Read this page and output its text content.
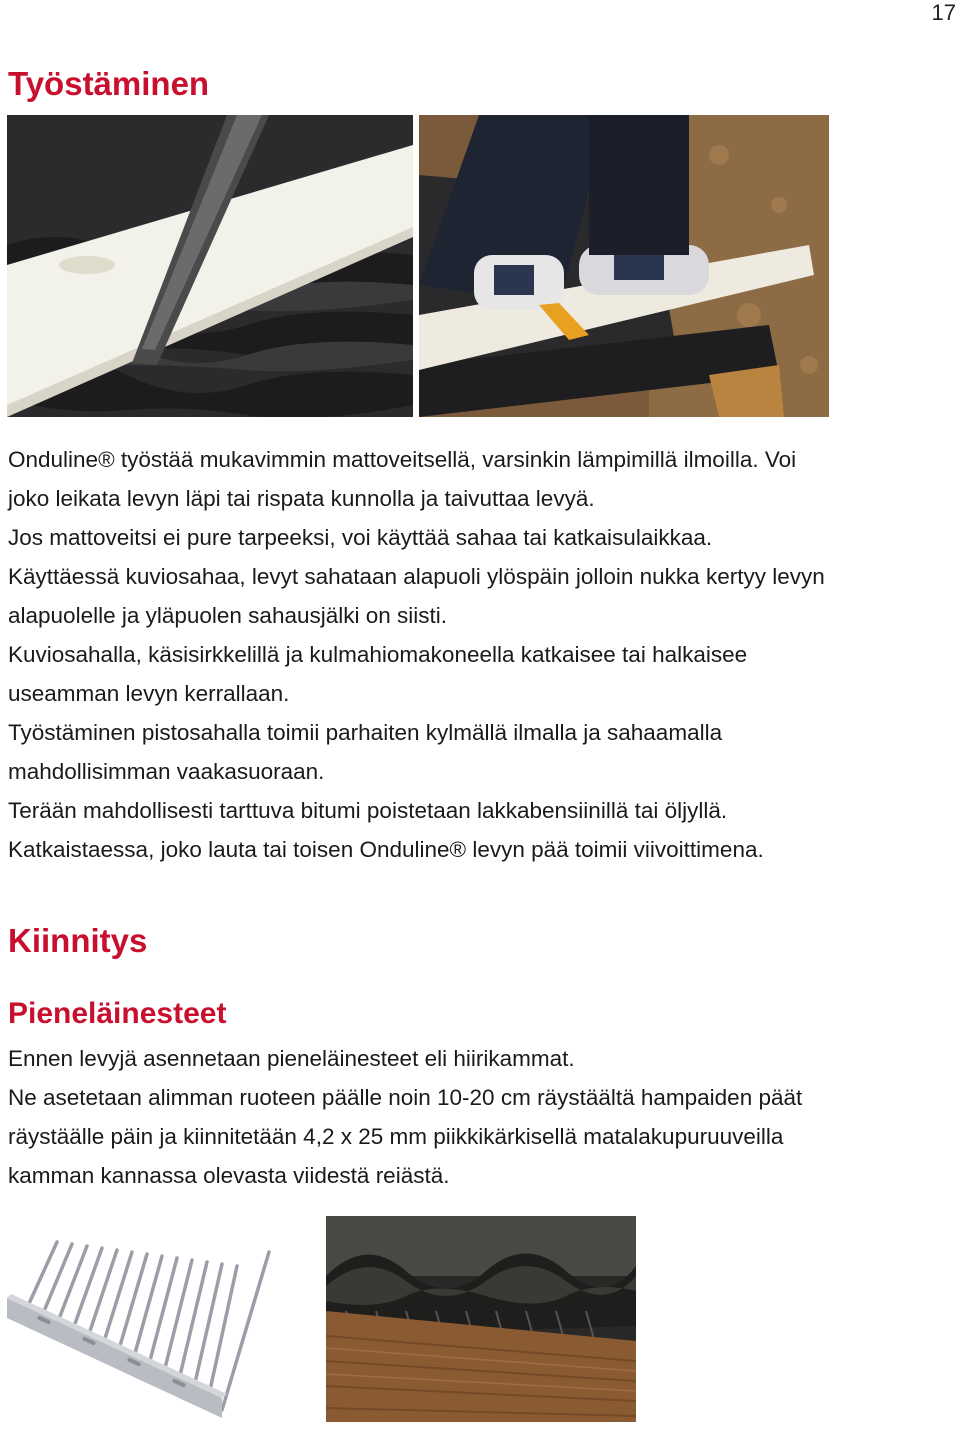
17
Työstäminen
Onduline® työstää mukavimmin mattoveitsellä, varsinkin lämpimillä ilmoilla. Voi
joko leikata levyn läpi tai rispata kunnolla ja taivuttaa levyä.
Jos mattoveitsi ei pure tarpeeksi, voi käyttää sahaa tai katkaisulaikkaa.
Käyttäessä kuviosahaa, levyt sahataan alapuoli ylöspäin jolloin nukka kertyy levyn
alapuolelle ja yläpuolen sahausjälki on siisti.
Kuviosahalla, käsisirkkelillä ja kulmahiomakoneella katkaisee tai halkaisee
useamman levyn kerrallaan.
Työstäminen pistosahalla toimii parhaiten kylmällä ilmalla ja sahaamalla
mahdollisimman vaakasuoraan.
Terään mahdollisesti tarttuva bitumi poistetaan lakkabensiinillä tai öljyllä.
Katkaistaessa, joko lauta tai toisen Onduline® levyn pää toimii viivoittimena.
Kiinnitys
Pieneläinesteet
Ennen levyjä asennetaan pieneläinesteet eli hiirikammat.
Ne asetetaan alimman ruoteen päälle noin 10-20 cm räystäältä hampaiden päät
räystäälle päin ja kiinnitetään 4,2 x 25 mm piikkikärkisellä matalakupuruuveilla
kamman kannassa olevasta viidestä reiästä.
